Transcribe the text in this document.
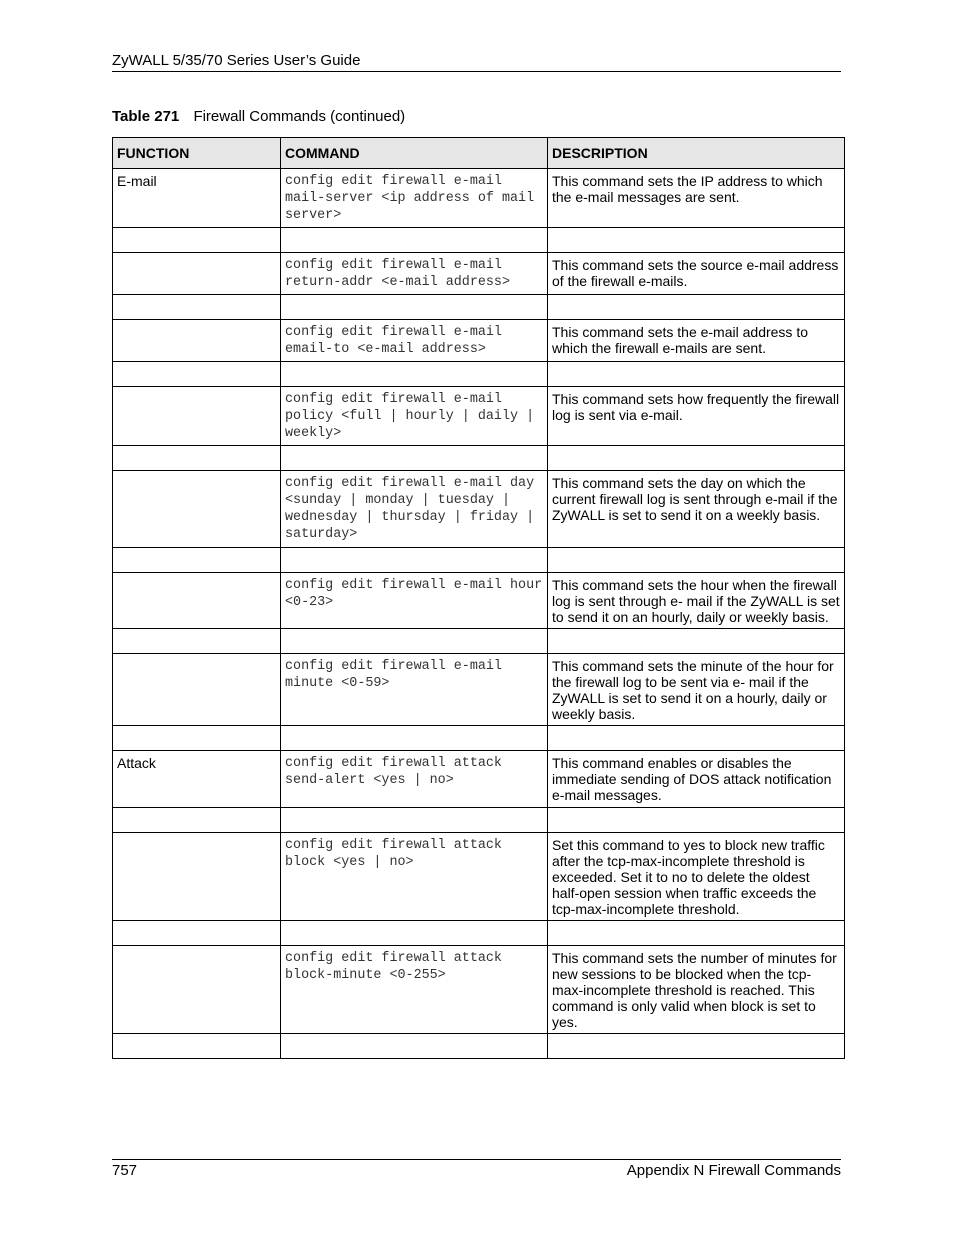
ZyWALL 5/35/70 Series User’s Guide
Table 271 Firewall Commands (continued)
FUNCTION	COMMAND	DESCRIPTION
E-mail	config edit firewall e-mail mail-server <ip address of mail server>	This command sets the IP address to which the e-mail messages are sent.

	config edit firewall e-mail return-addr <e-mail address>	This command sets the source e-mail address of the firewall e-mails.

	config edit firewall e-mail email-to <e-mail address>	This command sets the e-mail address to which the firewall e-mails are sent.

	config edit firewall e-mail policy <full | hourly | daily | weekly>	This command sets how frequently the firewall log is sent via e-mail.

	config edit firewall e-mail day <sunday | monday | tuesday | wednesday | thursday | friday | saturday>	This command sets the day on which the current firewall log is sent through e-mail if the ZyWALL is set to send it on a weekly basis.

	config edit firewall e-mail hour <0-23>	This command sets the hour when the firewall log is sent through e- mail if the ZyWALL is set to send it on an hourly, daily or weekly basis.

	config edit firewall e-mail minute <0-59>	This command sets the minute of the hour for the firewall log to be sent via e- mail if the ZyWALL is set to send it on a hourly, daily or weekly basis.

Attack	config edit firewall attack send-alert <yes | no>	This command enables or disables the immediate sending of DOS attack notification e-mail messages.

	config edit firewall attack block <yes | no>	Set this command to yes to block new traffic after the tcp-max-incomplete threshold is exceeded. Set it to no to delete the oldest half-open session when traffic exceeds the tcp-max-incomplete threshold.

	config edit firewall attack block-minute <0-255>	This command sets the number of minutes for new sessions to be blocked when the tcp-max-incomplete threshold is reached. This command is only valid when block is set to yes.

757	Appendix N Firewall Commands
